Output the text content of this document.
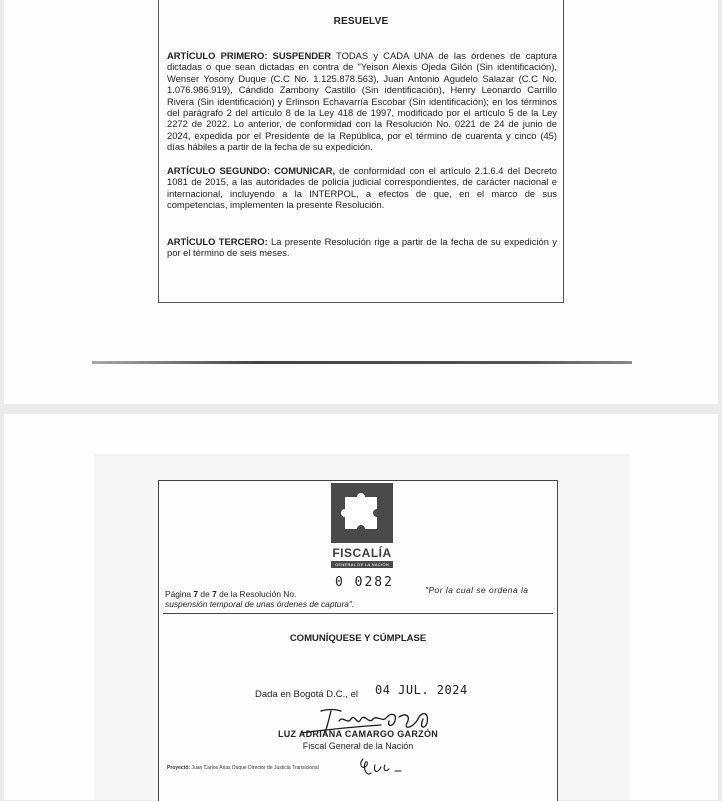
RESUELVE

ARTÍCULO PRIMERO: SUSPENDER TODAS y CADA UNA de las órdenes de captura dictadas o que sean dictadas en contra de "Yeison Alexis Ojeda Gilón (Sin identificación), Wenser Yosony Duque (C.C No. 1.125.878.563), Juan Antonio Agudelo Salazar (C.C No. 1.076.986.919), Cándido Zambony Castillo (Sin identificación), Henry Leonardo Carrillo Rivera (Sin identificación) y Erlinson Echavarría Escobar (Sin identificación); en los términos del parágrafo 2 del artículo 8 de la Ley 418 de 1997, modificado por el artículo 5 de la Ley 2272 de 2022. Lo anterior, de conformidad con la Resolución No. 0221 de 24 de junio de 2024, expedida por el Presidente de la República, por el término de cuarenta y cinco (45) días hábiles a partir de la fecha de su expedición.

ARTÍCULO SEGUNDO: COMUNICAR, de conformidad con el artículo 2.1.6.4 del Decreto 1081 de 2015, a las autoridades de policía judicial correspondientes, de carácter nacional e internacional, incluyendo a la INTERPOL, a efectos de que, en el marco de sus competencias, implementen la presente Resolución.

ARTÍCULO TERCERO: La presente Resolución rige a partir de la fecha de su expedición y por el término de seis meses.

FISCALÍA
GENERAL DE LA NACIÓN
0 0282
Página 7 de 7 de la Resolución No.	"Por la cual se ordena la
suspensión temporal de unas órdenes de captura".
COMUNÍQUESE Y CÚMPLASE
Dada en Bogotá D.C., el 04 JUL. 2024
LUZ ADRIANA CAMARGO GARZÓN
Fiscal General de la Nación
Proyectó: Juan Carlos Arias Duque Director de Justicia Transicional
